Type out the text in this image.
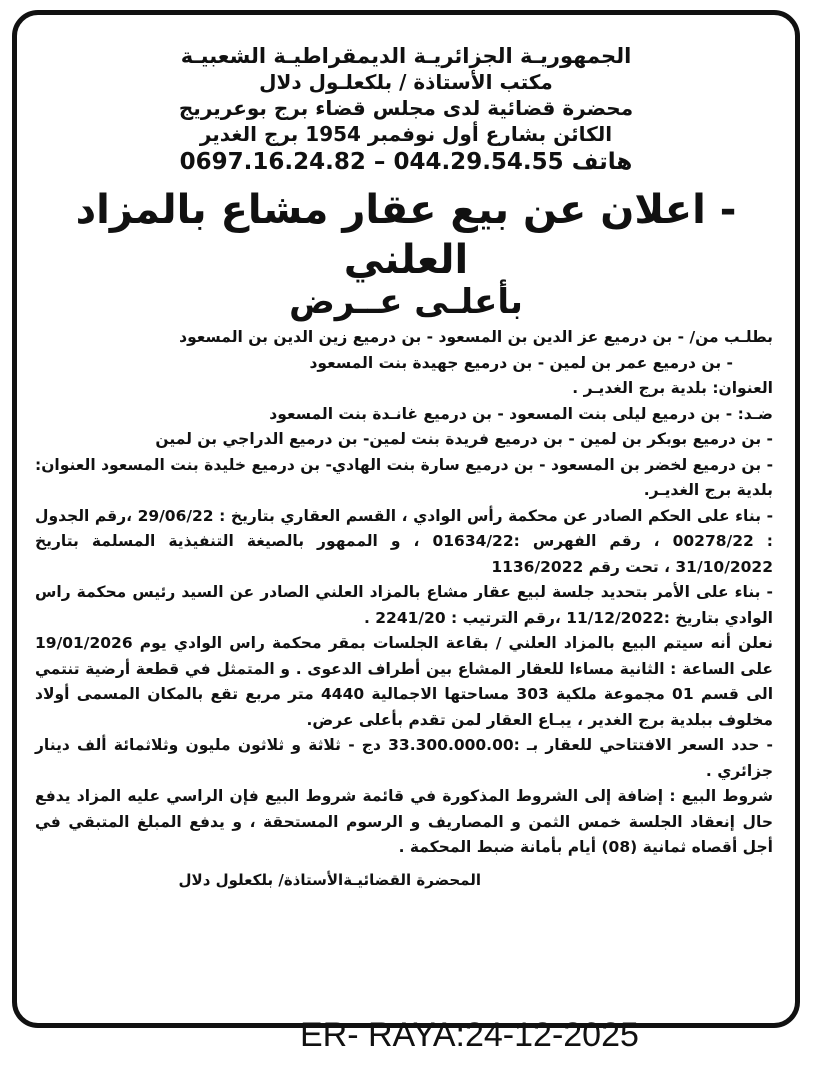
الجمهوريـة الجزائريـة الديمقراطيـة الشعبيـة
مكتب الأستاذة / بلكعلـول دلال
محضرة قضائية لدى مجلس قضاء برج بوعريريج
الكائن بشارع أول نوفمبر 1954 برج الغدير
هاتف 044.29.54.55 – 0697.16.24.82
- اعلان عن بيع عقار مشاع بالمزاد العلني
بأعلـى عــرض

بطلـب من/ - بن درميع عز الدين بن المسعود - بن درميع زين الدين بن المسعود

- بن درميع عمر بن لمين - بن درميع جهيدة بنت المسعود

العنوان: بلدية برج الغديـر .

ضـد: - بن درميع ليلى بنت المسعود - بن درميع غانـدة بنت المسعود

- بن درميع بوبكر بن لمين - بن درميع فريدة بنت لمين- بن درميع الدراجي بن لمين

- بن درميع لخضر بن المسعود - بن درميع سارة بنت الهادي- بن درميع خليدة بنت المسعود العنوان: بلدية برج الغديـر.

- بناء على الحكم الصادر عن محكمة رأس الوادي ، القسم العقاري بتاريخ : 29/06/22 ،رقم الجدول : 00278/22 ، رقم الفهرس :01634/22 ، و الممهور بالصيغة التنفيذية المسلمة بتاريخ 31/10/2022 ، تحت رقم 1136/2022

- بناء على الأمر بتحديد جلسة لبيع عقار مشاع بالمزاد العلني الصادر عن السيد رئيس محكمة راس الوادي بتاريخ :11/12/2022 ،رقم الترتيب : 2241/20 .

نعلن أنه سيتم البيع بالمزاد العلني / بقاعة الجلسات بمقر محكمة راس الوادي يوم 19/01/2026 على الساعة : الثانية مساءا للعقار المشاع بين أطراف الدعوى . و المتمثل في قطعة أرضية تنتمي الى قسم 01 مجموعة ملكية 303 مساحتها الاجمالية 4440 متر مربع تقع بالمكان المسمى أولاد مخلوف ببلدية برج الغدير ، يبـاع العقار لمن تقدم بأعلى عرض.

- حدد السعر الافتتاحي للعقار بـ :33.300.000.00 دج - ثلاثة و ثلاثون مليون وثلاثمائة ألف دينار جزائري .

شروط البيع : إضافة إلى الشروط المذكورة في قائمة شروط البيع فإن الراسي عليه المزاد يدفع حال إنعقاد الجلسة خمس الثمن و المصاريف و الرسوم المستحقة ، و يدفع المبلغ المتبقي في أجل أقصاه ثمانية (08) أيام بأمانة ضبط المحكمة .

المحضرة القضائيـةالأستاذة/ بلكعلول دلال
ER- RAYA:24-12-2025
